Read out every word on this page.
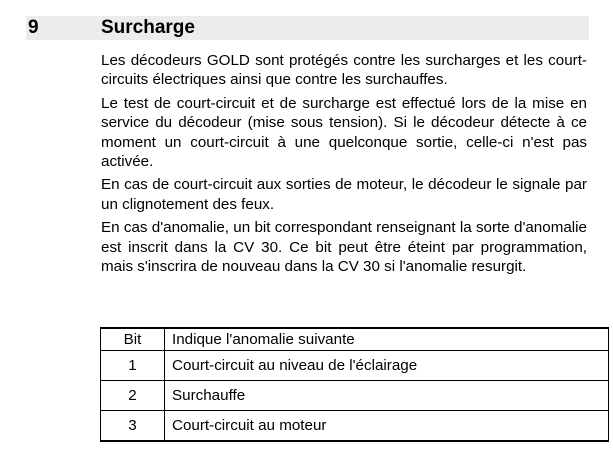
9	Surcharge

Les décodeurs GOLD sont protégés contre les surcharges et les court-circuits électriques ainsi que contre les surchauffes.

Le test de court-circuit et de surcharge est effectué lors de la mise en service du décodeur (mise sous tension). Si le décodeur détecte à ce moment un court-circuit à une quelconque sortie, celle-ci n'est pas activée.

En cas de court-circuit aux sorties de moteur, le décodeur le signale par un clignotement des feux.

En cas d'anomalie, un bit correspondant renseignant la sorte d'anomalie est inscrit dans la CV 30. Ce bit peut être éteint par programmation, mais s'inscrira de nouveau dans la CV 30 si l'anomalie resurgit.

Bit	Indique l'anomalie suivante
1	Court-circuit au niveau de l'éclairage
2	Surchauffe
3	Court-circuit au moteur
